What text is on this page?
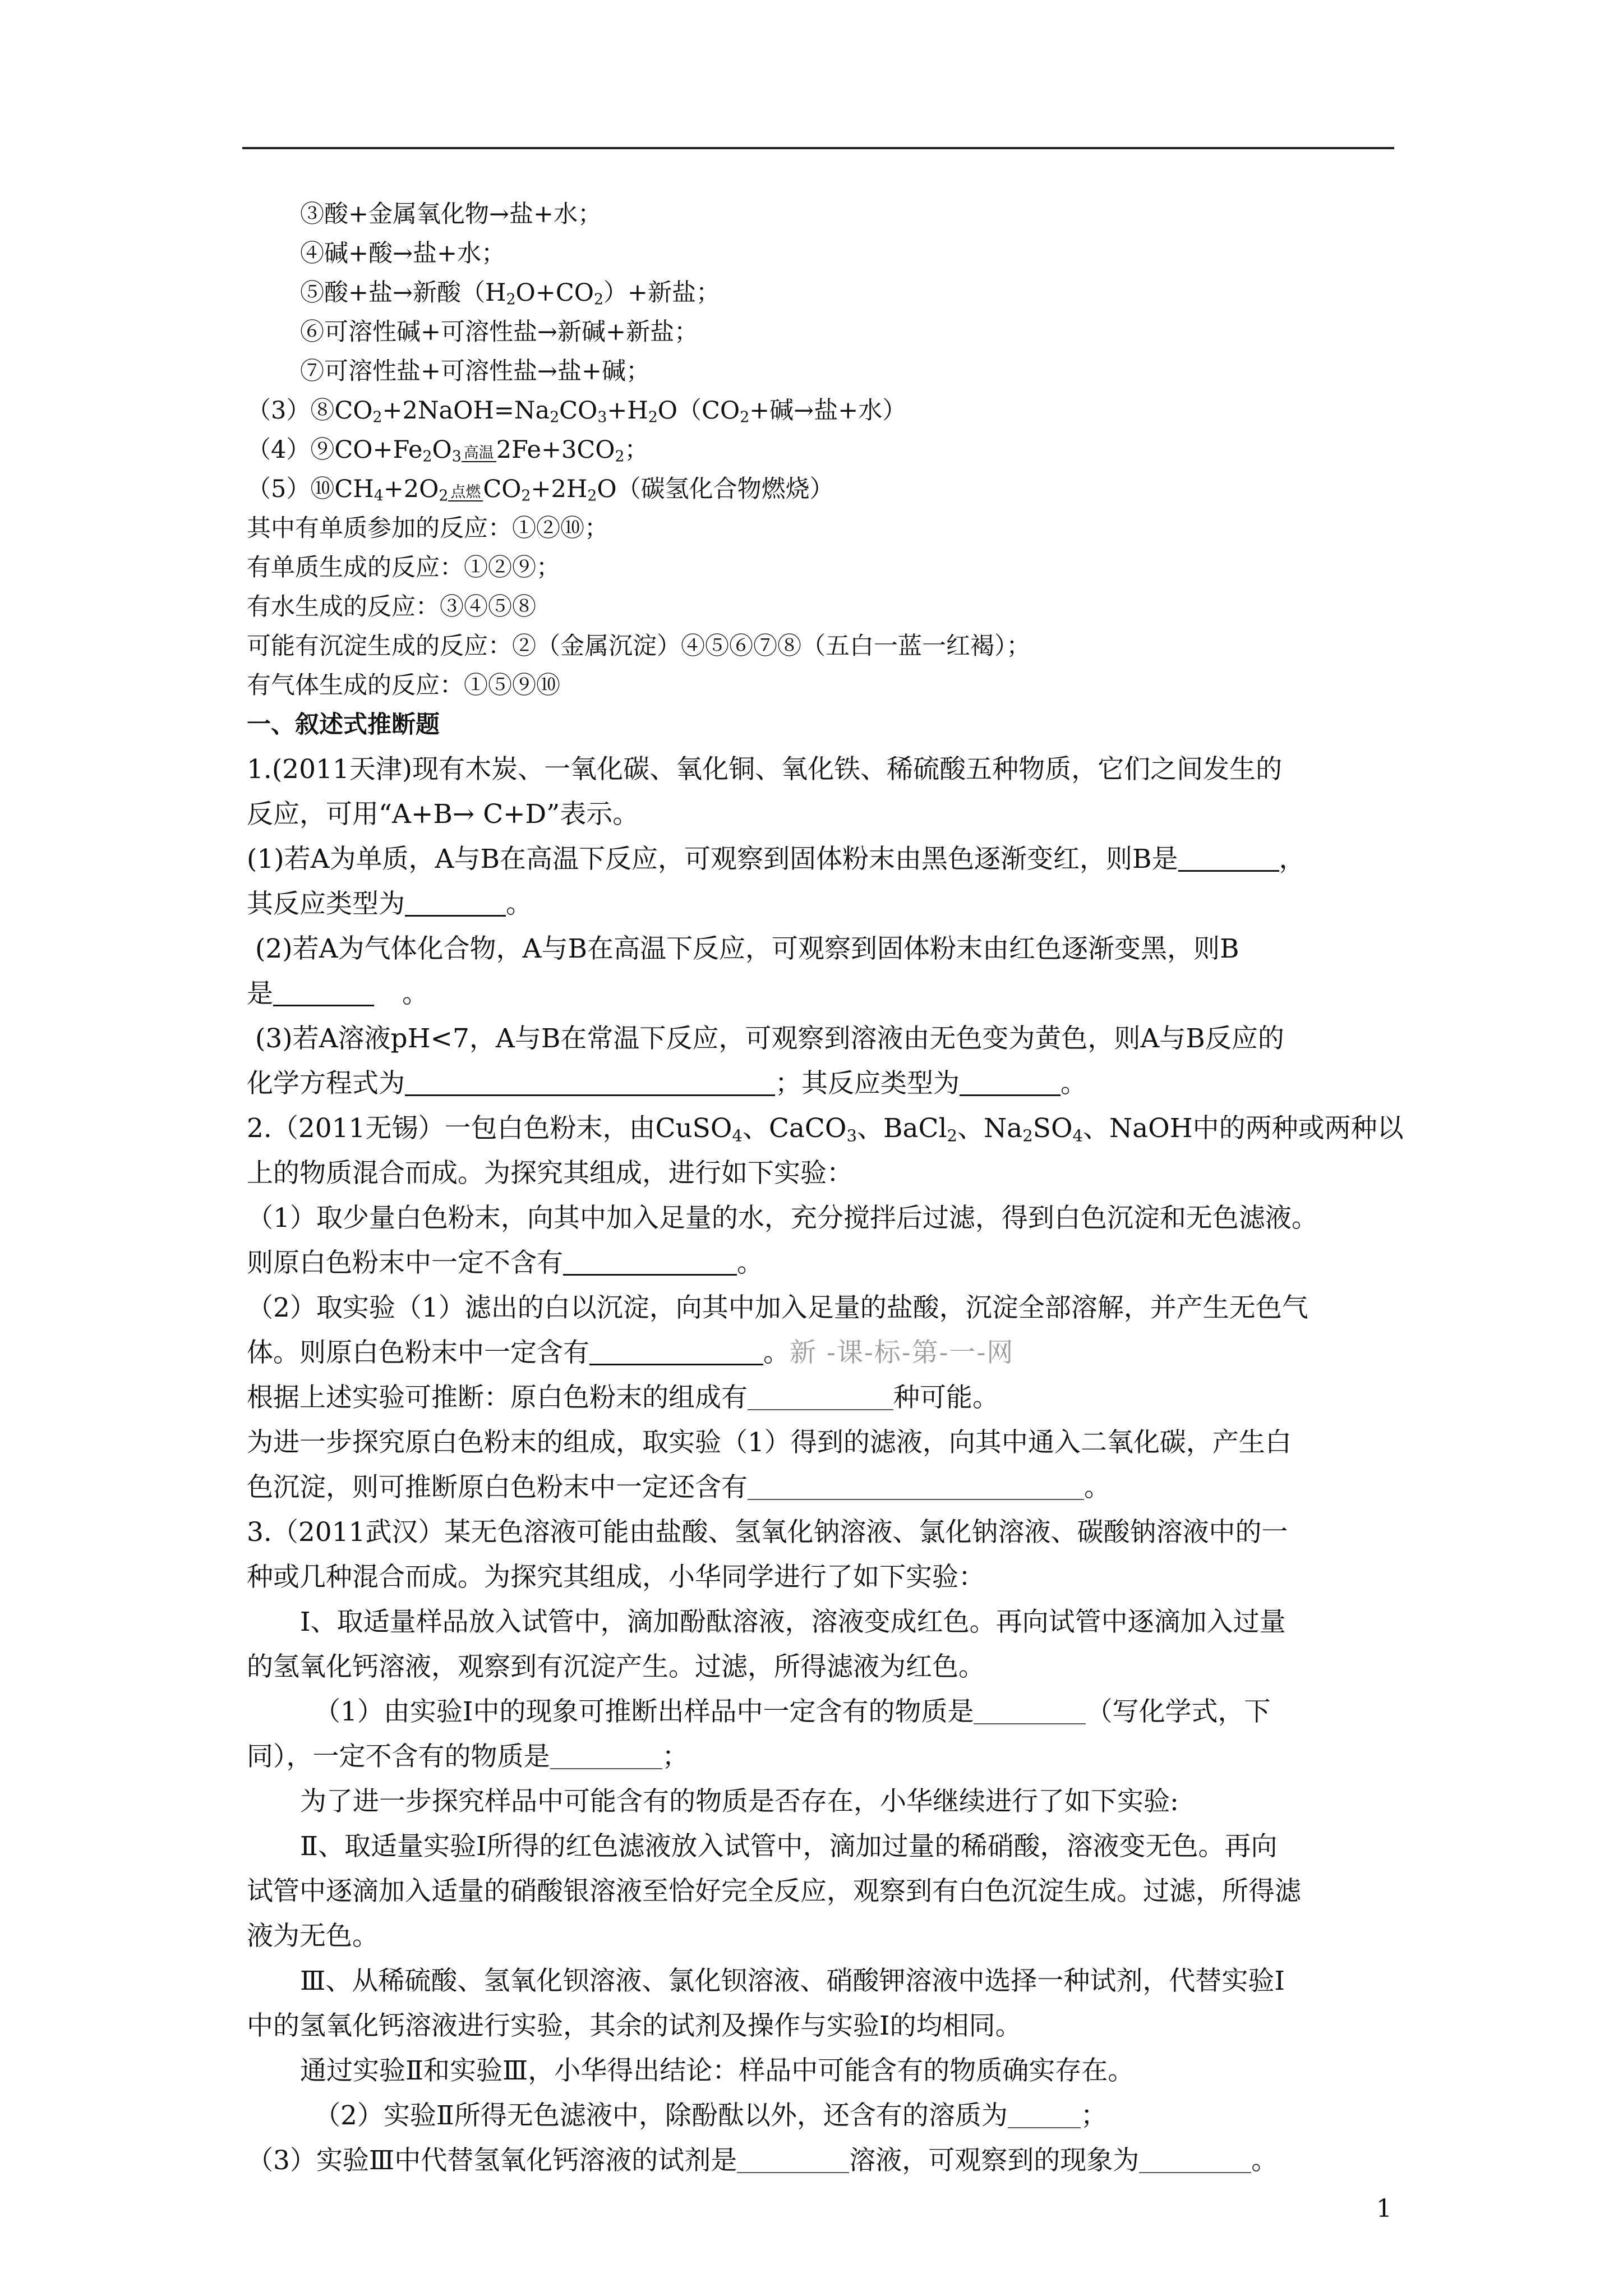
③酸+金属氧化物→盐+水；
④碱+酸→盐+水；
⑤酸+盐→新酸$(H_2O+CO_2)+$新盐；
⑥可溶性碱+可溶性盐→新碱+新盐；
⑦可溶性盐+可溶性盐→盐+碱；
$(3)⑧CO_2+2NaOH=Na_2CO_3+H_2O(CO_2+$碱→盐+水）
$(4)⑨CO+Fe_2O_3$ 高温 $2Fe+3CO_2$；
$(5)⑩CH_4+2O_2$ 点燃 $CO_2+2H_2O$（碳氢化合物燃烧）
其中有单质参加的反应：①②⑩；
有单质生成的反应：①②⑨；
有水生成的反应：③④⑤⑧
可能有沉淀生成的反应：②（金属沉淀）④⑤⑥⑦⑧（五白一蓝一红褐）；
有气体生成的反应：①⑤⑨⑩
一、叙述式推断题
1.(2011天津)现有木炭、一氧化碳、氧化铜、氧化铁、稀硫酸五种物质，它们之间发生的
反应，可用“A+B→ C+D”表示。
(1)若A为单质，A与B在高温下反应，可观察到固体粉末由黑色逐渐变红，则B是	，
其反应类型为	。
(2)若A为气体化合物，A与B在高温下反应，可观察到固体粉末由红色逐渐变黑，则B
是	。
(3)若A溶液pH<7，A与B在常温下反应，可观察到溶液由无色变为黄色，则A与B反应的
化学方程式为	；其反应类型为	。
2.（2011无锡）一包白色粉末，由CuSO$_4$、CaCO$_3$、BaCl$_2$、$Na_2SO_4$、NaOH中的两种或两种以
上的物质混合而成。为探究其组成，进行如下实验：
（1）取少量白色粉末，向其中加入足量的水，充分搅拌后过滤，得到白色沉淀和无色滤液。
则原白色粉末中一定不含有	。
（2）取实验（1）滤出的白以沉淀，向其中加入足量的盐酸，沉淀全部溶解，并产生无色气
体。则原白色粉末中一定含有	。新 -课-标-第-一-网
根据上述实验可推断：原白色粉末的组成有	种可能。
为进一步探究原白色粉末的组成，取实验（1）得到的滤液，向其中通入二氧化碳，产生白
色沉淀，则可推断原白色粉末中一定还含有	。
3.（2011武汉）某无色溶液可能由盐酸、氢氧化钠溶液、氯化钠溶液、碳酸钠溶液中的一
种或几种混合而成。为探究其组成，小华同学进行了如下实验：
Ⅰ、取适量样品放入试管中，滴加酚酞溶液，溶液变成红色。再向试管中逐滴加入过量
的氢氧化钙溶液，观察到有沉淀产生。过滤，所得滤液为红色。
（1）由实验Ⅰ中的现象可推断出样品中一定含有的物质是	（写化学式，下
同），一定不含有的物质是	；
为了进一步探究样品中可能含有的物质是否存在，小华继续进行了如下实验:
Ⅱ、取适量实验Ⅰ所得的红色滤液放入试管中，滴加过量的稀硝酸，溶液变无色。再向
试管中逐滴加入适量的硝酸银溶液至恰好完全反应，观察到有白色沉淀生成。过滤，所得滤
液为无色。
Ⅲ、从稀硫酸、氢氧化钡溶液、氯化钡溶液、硝酸钾溶液中选择一种试剂，代替实验Ⅰ
中的氢氧化钙溶液进行实验，其余的试剂及操作与实验Ⅰ的均相同。
通过实验Ⅱ和实验Ⅲ，小华得出结论：样品中可能含有的物质确实存在。
（2）实验Ⅱ所得无色滤液中，除酚酞以外，还含有的溶质为	；
（3）实验Ⅲ中代替氢氧化钙溶液的试剂是	溶液，可观察到的现象为	。
1
